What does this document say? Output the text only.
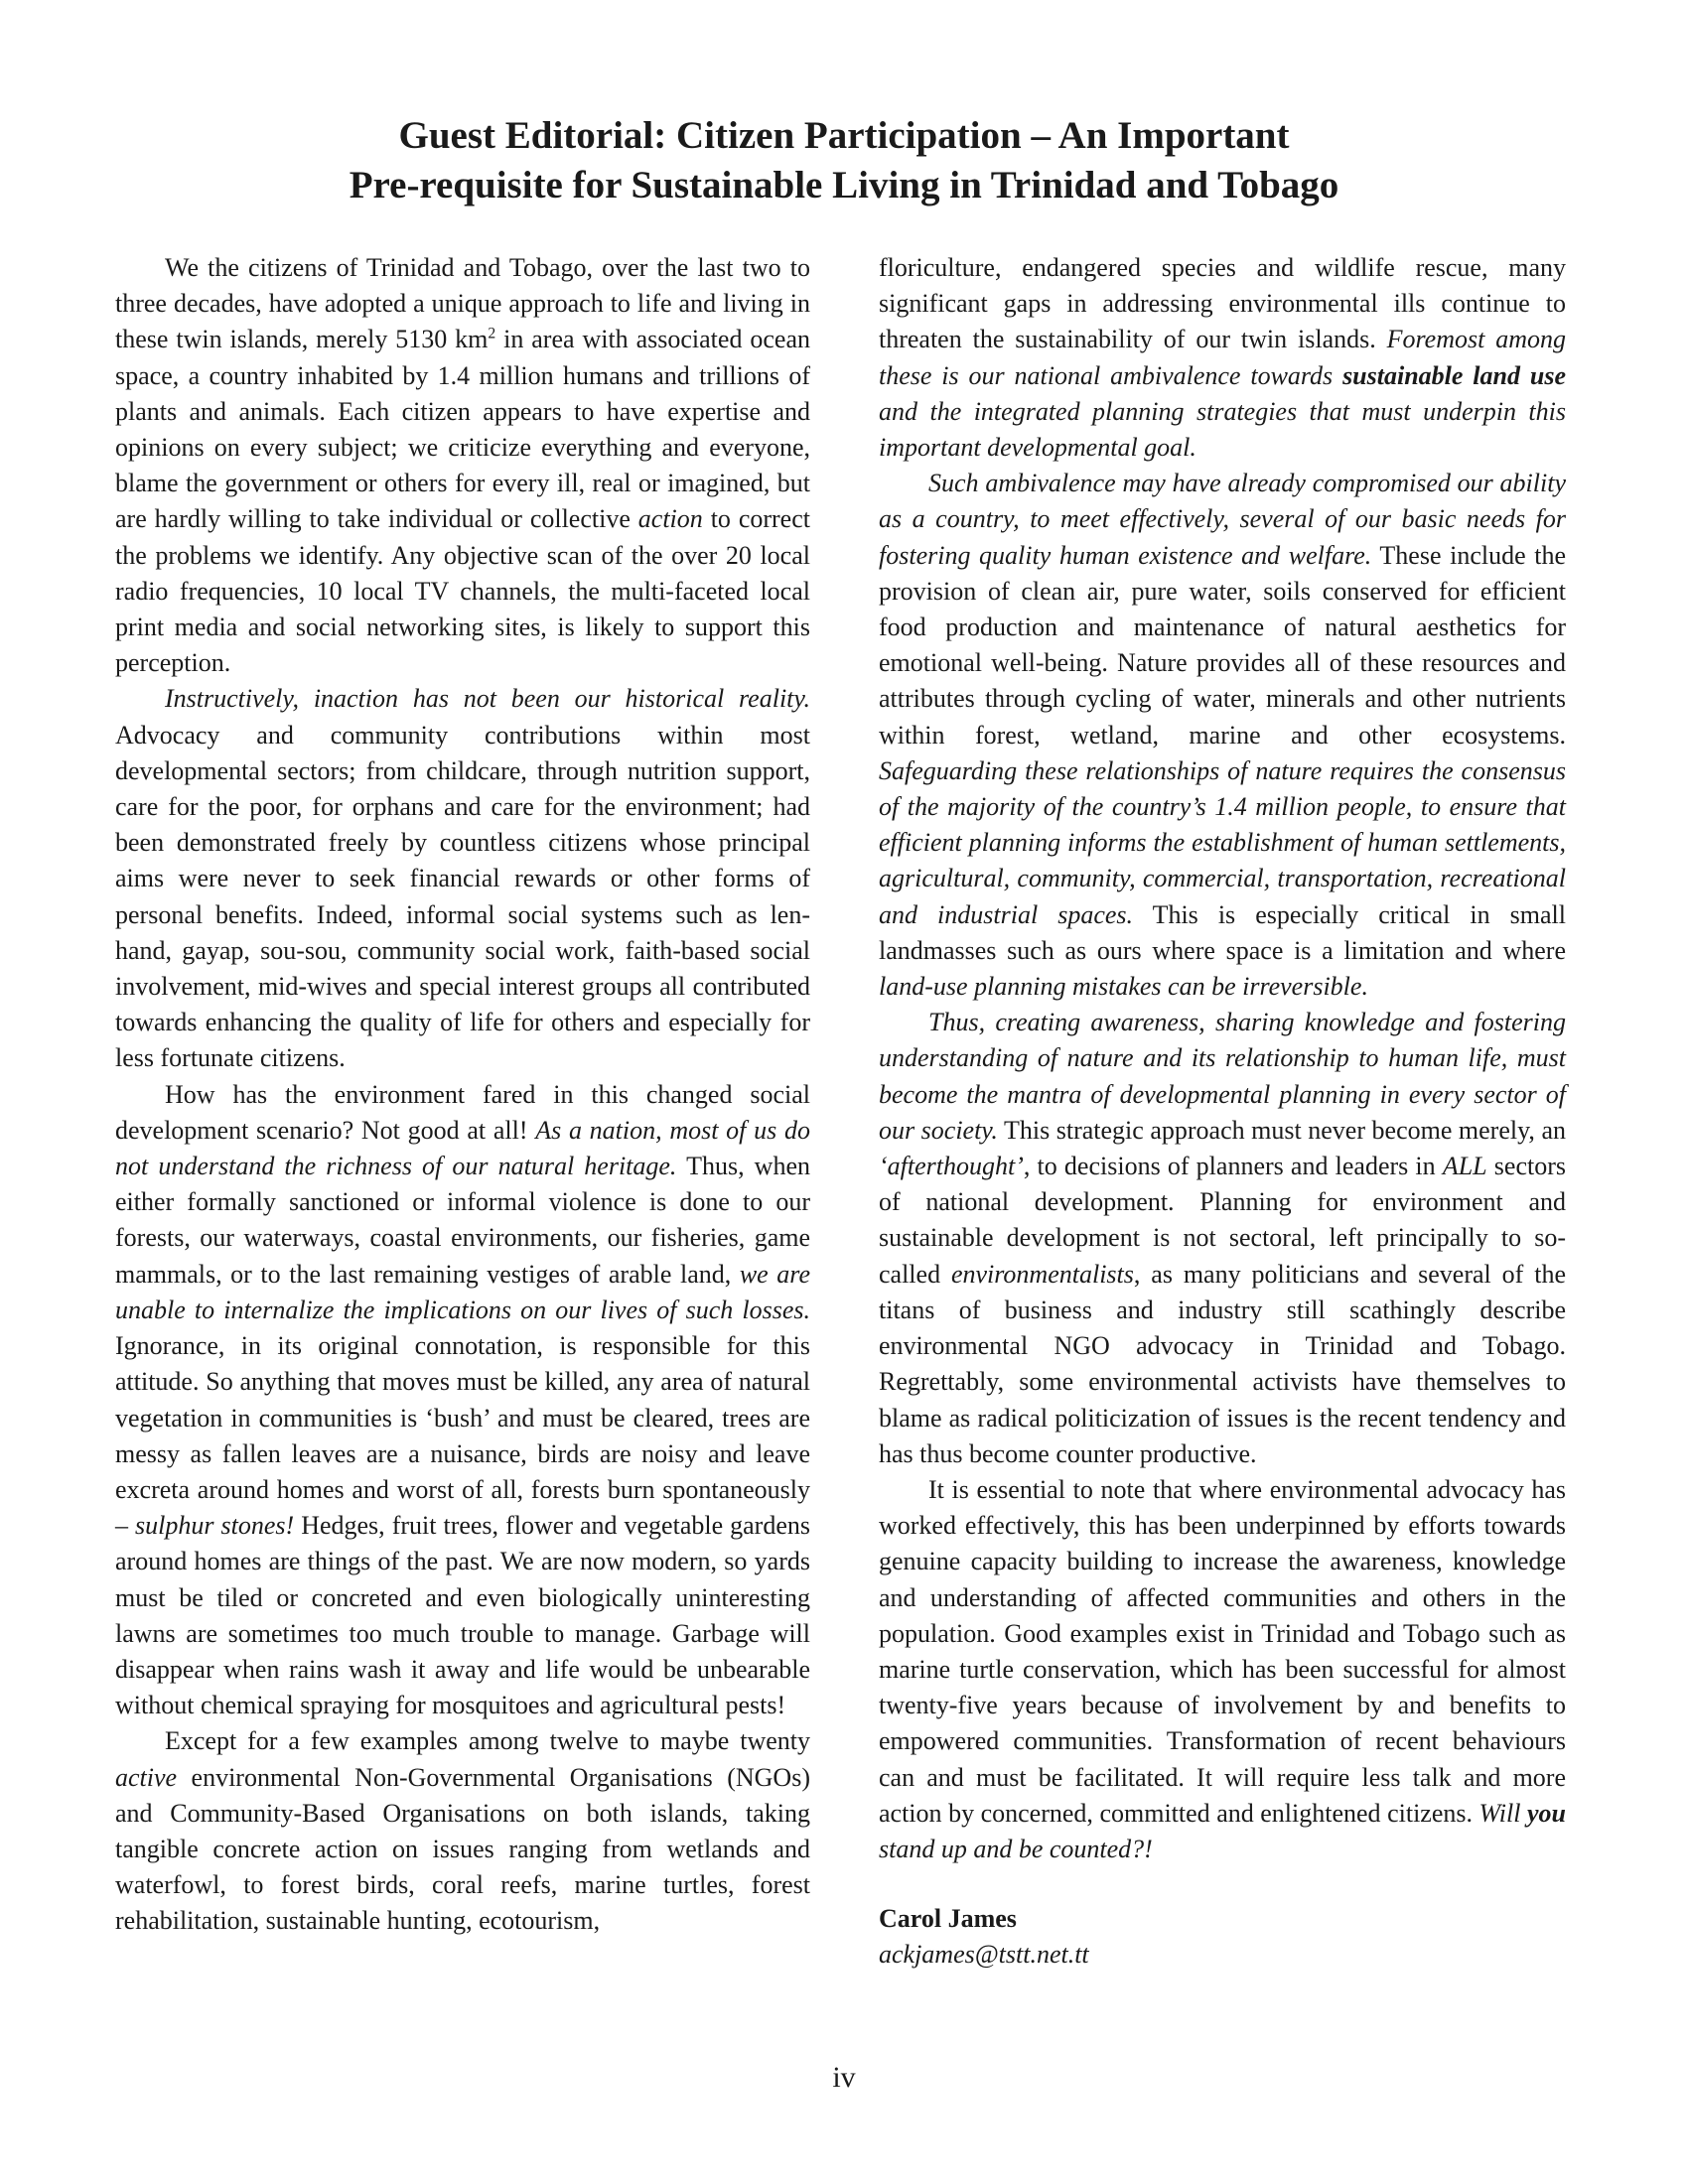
Guest Editorial: Citizen Participation – An Important
Pre-requisite for Sustainable Living in Trinidad and Tobago

We the citizens of Trinidad and Tobago, over the last two to three decades, have adopted a unique approach to life and living in these twin islands, merely 5130 $km^2$ in area with associated ocean space, a country inhabited by 1.4 million humans and trillions of plants and animals. Each citizen appears to have expertise and opinions on every subject; we criticize everything and everyone, blame the government or others for every ill, real or imagined, but are hardly willing to take individual or collective action to correct the problems we identify. Any objective scan of the over 20 local radio frequencies, 10 local TV channels, the multi-faceted local print media and social networking sites, is likely to support this perception.

Instructively, inaction has not been our historical reality. Advocacy and community contributions within most developmental sectors; from childcare, through nutrition support, care for the poor, for orphans and care for the environment; had been demonstrated freely by countless citizens whose principal aims were never to seek financial rewards or other forms of personal benefits. Indeed, informal social systems such as len-hand, gayap, sou-sou, community social work, faith-based social involvement, mid-wives and special interest groups all contributed towards enhancing the quality of life for others and especially for less fortunate citizens.

How has the environment fared in this changed social development scenario? Not good at all! As a nation, most of us do not understand the richness of our natural heritage. Thus, when either formally sanctioned or informal violence is done to our forests, our waterways, coastal environments, our fisheries, game mammals, or to the last remaining vestiges of arable land, we are unable to internalize the implications on our lives of such losses. Ignorance, in its original connotation, is responsible for this attitude. So anything that moves must be killed, any area of natural vegetation in communities is ‘bush’ and must be cleared, trees are messy as fallen leaves are a nuisance, birds are noisy and leave excreta around homes and worst of all, forests burn spontaneously – sulphur stones! Hedges, fruit trees, flower and vegetable gardens around homes are things of the past. We are now modern, so yards must be tiled or concreted and even biologically uninteresting lawns are sometimes too much trouble to manage. Garbage will disappear when rains wash it away and life would be unbearable without chemical spraying for mosquitoes and agricultural pests!

Except for a few examples among twelve to maybe twenty active environmental Non-Governmental Organisations (NGOs) and Community-Based Organisations on both islands, taking tangible concrete action on issues ranging from wetlands and waterfowl, to forest birds, coral reefs, marine turtles, forest rehabilitation, sustainable hunting, ecotourism,

floriculture, endangered species and wildlife rescue, many significant gaps in addressing environmental ills continue to threaten the sustainability of our twin islands. Foremost among these is our national ambivalence towards sustainable land use and the integrated planning strategies that must underpin this important developmental goal.

Such ambivalence may have already compromised our ability as a country, to meet effectively, several of our basic needs for fostering quality human existence and welfare. These include the provision of clean air, pure water, soils conserved for efficient food production and maintenance of natural aesthetics for emotional well-being. Nature provides all of these resources and attributes through cycling of water, minerals and other nutrients within forest, wetland, marine and other ecosystems. Safeguarding these relationships of nature requires the consensus of the majority of the country’s 1.4 million people, to ensure that efficient planning informs the establishment of human settlements, agricultural, community, commercial, transportation, recreational and industrial spaces. This is especially critical in small landmasses such as ours where space is a limitation and where land-use planning mistakes can be irreversible.

Thus, creating awareness, sharing knowledge and fostering understanding of nature and its relationship to human life, must become the mantra of developmental planning in every sector of our society. This strategic approach must never become merely, an ‘afterthought’, to decisions of planners and leaders in ALL sectors of national development. Planning for environment and sustainable development is not sectoral, left principally to so-called environmentalists, as many politicians and several of the titans of business and industry still scathingly describe environmental NGO advocacy in Trinidad and Tobago. Regrettably, some environmental activists have themselves to blame as radical politicization of issues is the recent tendency and has thus become counter productive.

It is essential to note that where environmental advocacy has worked effectively, this has been underpinned by efforts towards genuine capacity building to increase the awareness, knowledge and understanding of affected communities and others in the population. Good examples exist in Trinidad and Tobago such as marine turtle conservation, which has been successful for almost twenty-five years because of involvement by and benefits to empowered communities. Transformation of recent behaviours can and must be facilitated. It will require less talk and more action by concerned, committed and enlightened citizens. Will you stand up and be counted?!

Carol James
ackjames@tstt.net.tt
iv
